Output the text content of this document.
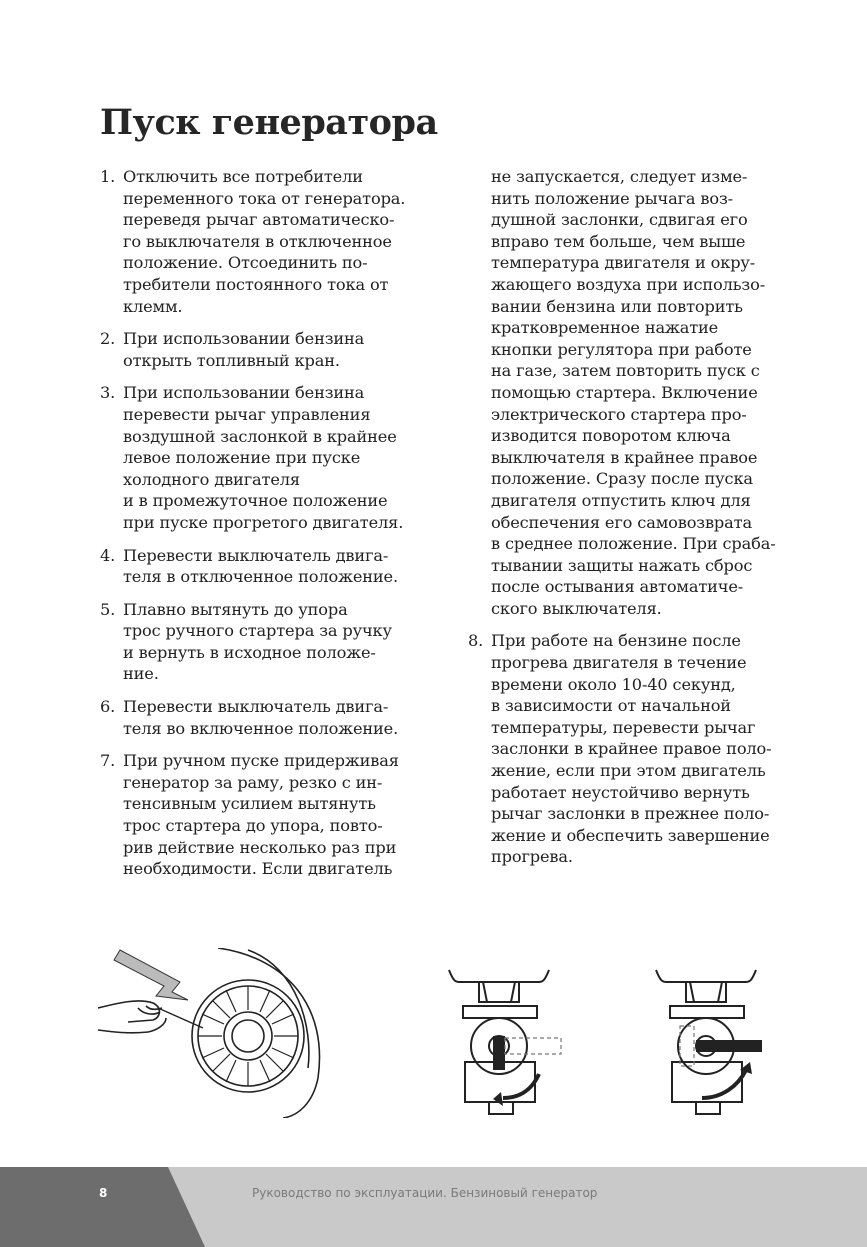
Пуск генератора
1. Отключить все потребители
переменного тока от генератора.
переведя рычаг автоматическо-
го выключателя в отключенное
положение. Отсоединить по-
требители постоянного тока от
клемм.
2. При использовании бензина
открыть топливный кран.
3. При использовании бензина
перевести рычаг управления
воздушной заслонкой в крайнее
левое положение при пуске
холодного двигателя
и в промежуточное положение
при пуске прогретого двигателя.
4. Перевести выключатель двига-
теля в отключенное положение.
5. Плавно вытянуть до упора
трос ручного стартера за ручку
и вернуть в исходное положе-
ние.
6. Перевести выключатель двига-
теля во включенное положение.
7. При ручном пуске придерживая
генератор за раму, резко с ин-
тенсивным усилием вытянуть
трос стартера до упора, повто-
рив действие несколько раз при
необходимости. Если двигатель
не запускается, следует изме-
нить положение рычага воз-
душной заслонки, сдвигая его
вправо тем больше, чем выше
температура двигателя и окру-
жающего воздуха при использо-
вании бензина или повторить
кратковременное нажатие
кнопки регулятора при работе
на газе, затем повторить пуск с
помощью стартера. Включение
электрического стартера про-
изводится поворотом ключа
выключателя в крайнее правое
положение. Сразу после пуска
двигателя отпустить ключ для
обеспечения его самовозврата
в среднее положение. При сраба-
тывании защиты нажать сброс
после остывания автоматиче-
ского выключателя.
8. При работе на бензине после
прогрева двигателя в течение
времени около 10-40 секунд,
в зависимости от начальной
температуры, перевести рычаг
заслонки в крайнее правое поло-
жение, если при этом двигатель
работает неустойчиво вернуть
рычаг заслонки в прежнее поло-
жение и обеспечить завершение
прогрева.
8	Руководство по эксплуатации. Бензиновый генератор
